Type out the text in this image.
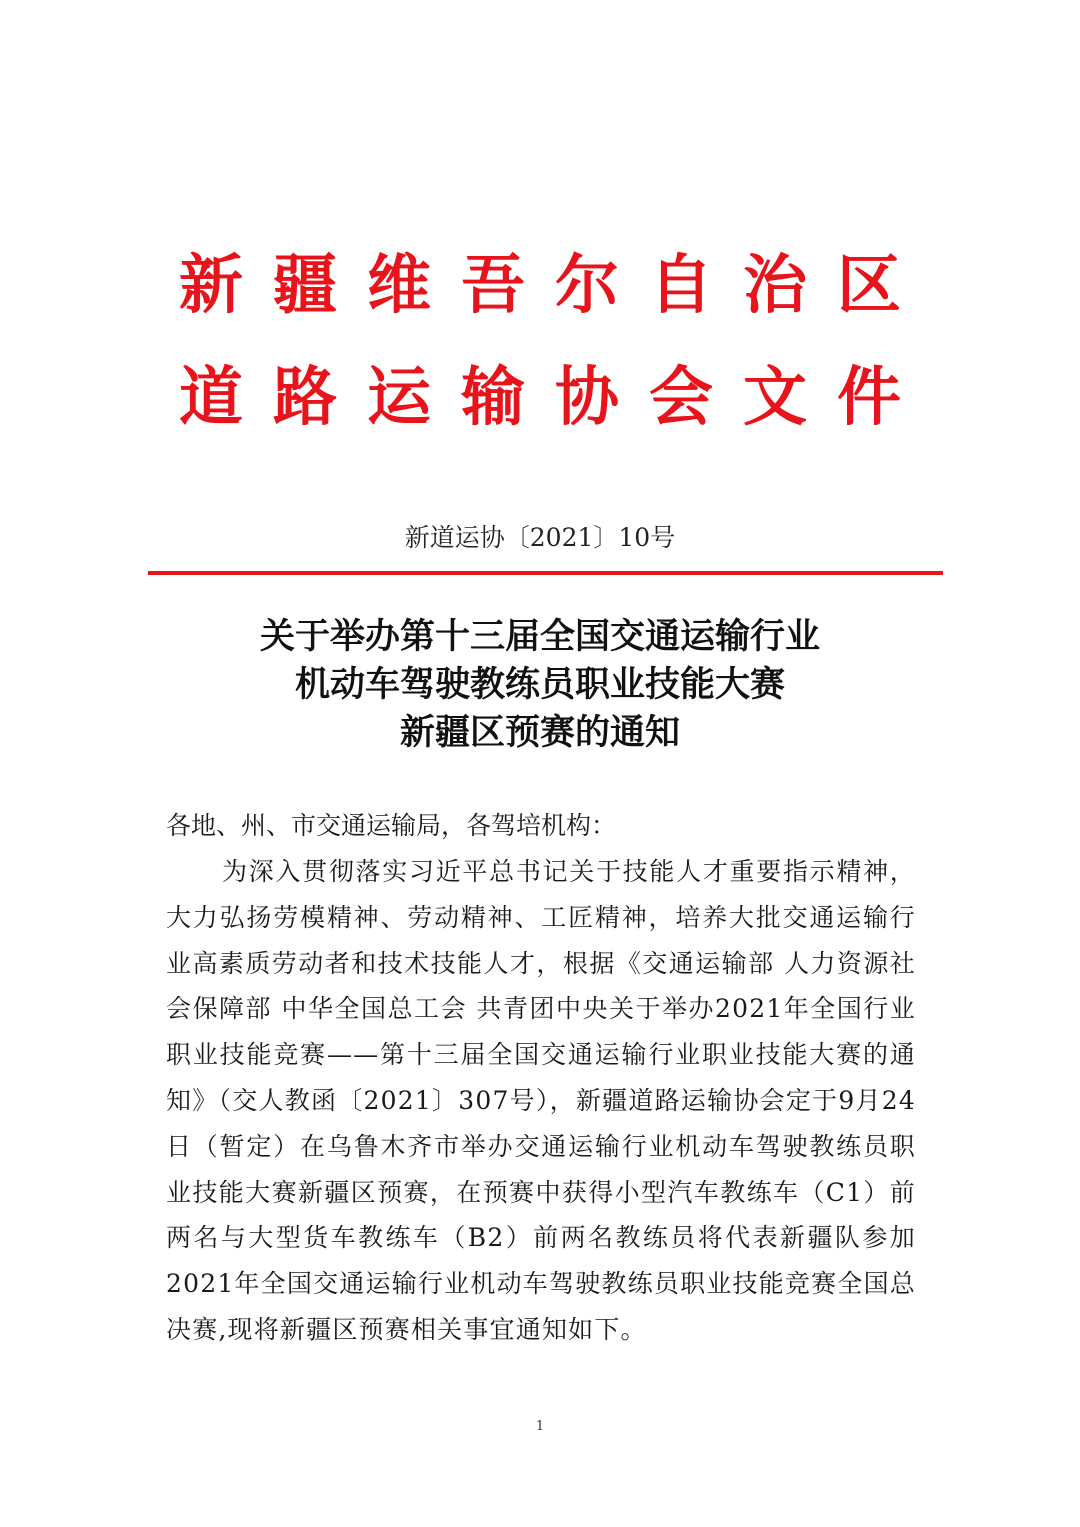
新疆维吾尔自治区
道路运输协会文件
新道运协〔2021〕10号
关于举办第十三届全国交通运输行业
机动车驾驶教练员职业技能大赛
新疆区预赛的通知
各地、州、市交通运输局，各驾培机构：
为深入贯彻落实习近平总书记关于技能人才重要指示精神，大力弘扬劳模精神、劳动精神、工匠精神，培养大批交通运输行业高素质劳动者和技术技能人才，根据《交通运输部 人力资源社会保障部 中华全国总工会 共青团中央关于举办2021年全国行业职业技能竞赛——第十三届全国交通运输行业职业技能大赛的通知》（交人教函〔2021〕307号），新疆道路运输协会定于9月24日（暂定）在乌鲁木齐市举办交通运输行业机动车驾驶教练员职业技能大赛新疆区预赛，在预赛中获得小型汽车教练车（C1）前两名与大型货车教练车（B2）前两名教练员将代表新疆队参加2021年全国交通运输行业机动车驾驶教练员职业技能竞赛全国总决赛,现将新疆区预赛相关事宜通知如下。
1
